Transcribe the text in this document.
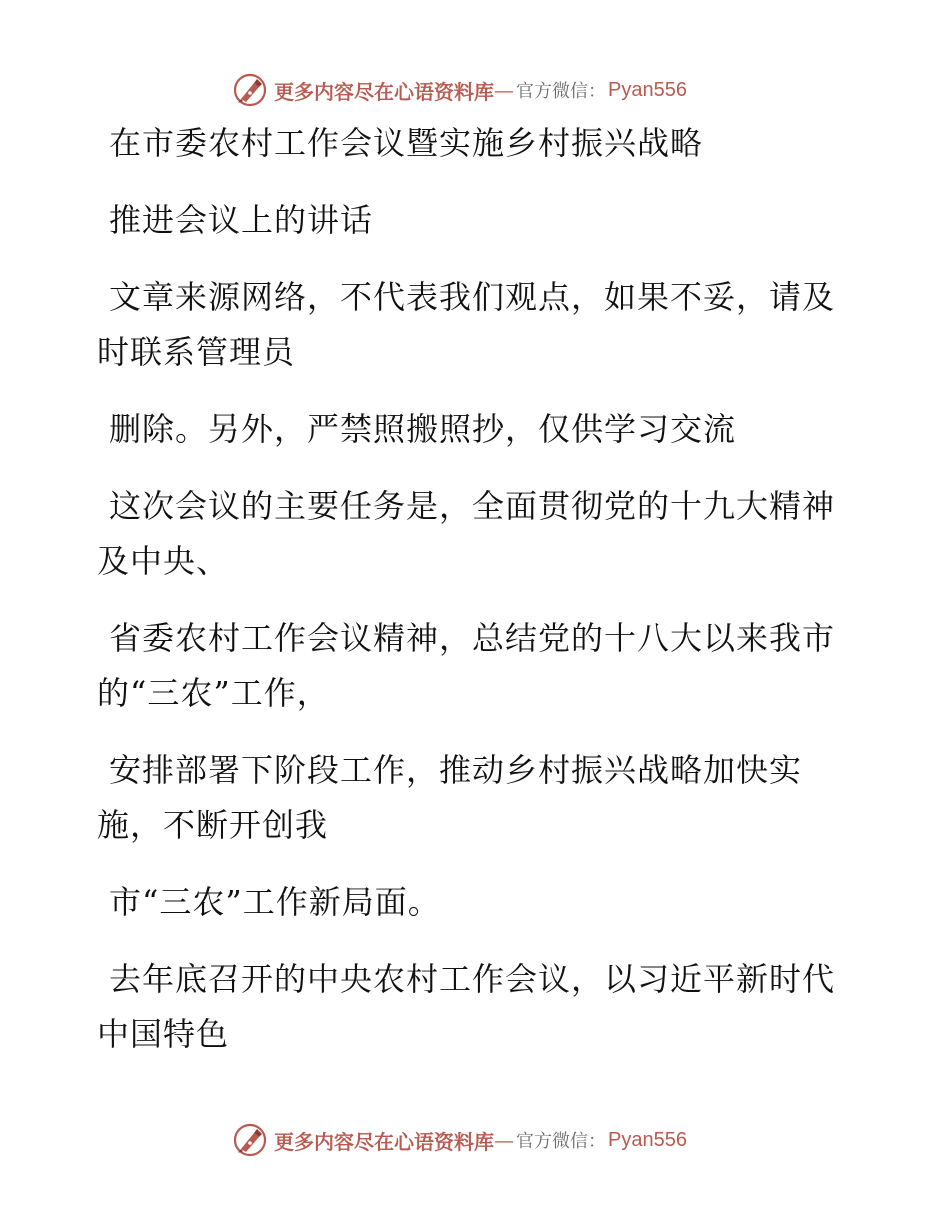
更多内容尽在心语资料库 — 官方微信： Pyan556

在市委农村工作会议暨实施乡村振兴战略

推进会议上的讲话

文章来源网络，不代表我们观点，如果不妥，请及时联系管理员

删除。另外，严禁照搬照抄，仅供学习交流

这次会议的主要任务是，全面贯彻党的十九大精神及中央、

省委农村工作会议精神，总结党的十八大以来我市的“三农”工作，

安排部署下阶段工作，推动乡村振兴战略加快实施，不断开创我

市“三农”工作新局面。

去年底召开的中央农村工作会议，以习近平新时代中国特色

更多内容尽在心语资料库 — 官方微信： Pyan556
